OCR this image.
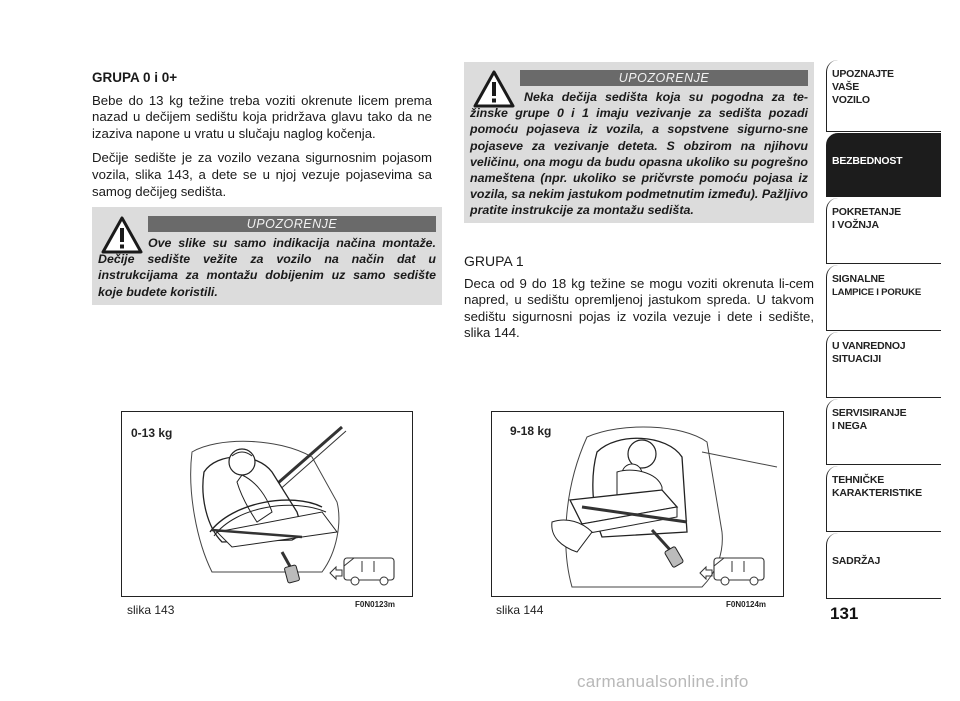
GRUPA 0 i 0+

Bebe do 13 kg težine treba voziti okrenute licem prema nazad u dečijem sedištu koja pridržava glavu tako da ne izaziva napone u vratu u slučaju naglog kočenja.

Dečije sedište je za vozilo vezana sigurnosnim pojasom vozila, slika 143, a dete se u njoj vezuje pojasevima sa samog dečijeg sedišta.

UPOZORENJE
Ove slike su samo indikacija načina montaže. Dečije sedište vežite za vozilo na način dat u instrukcijama za montažu dobijenim uz samo sedište koje budete koristili.
UPOZORENJE
Neka dečija sedišta koja su pogodna za te-žinske grupe 0 i 1 imaju vezivanje za sedišta pozadi pomoću pojaseva iz vozila, a sopstvene sigurno-sne pojaseve za vezivanje deteta. S obzirom na njihovu veličinu, ona mogu da budu opasna ukoliko su pogrešno nameštena (npr. ukoliko se pričvrste pomoću pojasa iz vozila, sa nekim jastukom podmetnutim između). Pažljivo pratite instrukcije za montažu sedišta.
GRUPA 1

Deca od 9 do 18 kg težine se mogu voziti okrenuta li-cem napred, u sedištu opremljenoj jastukom spreda. U takvom sedištu sigurnosni pojas iz vozila vezuje i dete i sedište, slika 144.

0-13 kg
slika 143	F0N0123m
9-18 kg
slika 144	F0N0124m
UPOZNAJTE
VAŠE
VOZILO
BEZBEDNOST
POKRETANJE
I VOŽNJA
SIGNALNE
LAMPICE I PORUKE
U VANREDNOJ
SITUACIJI
SERVISIRANJE
I NEGA
TEHNIČKE
KARAKTERISTIKE
SADRŽAJ
131
carmanualsonline.info
